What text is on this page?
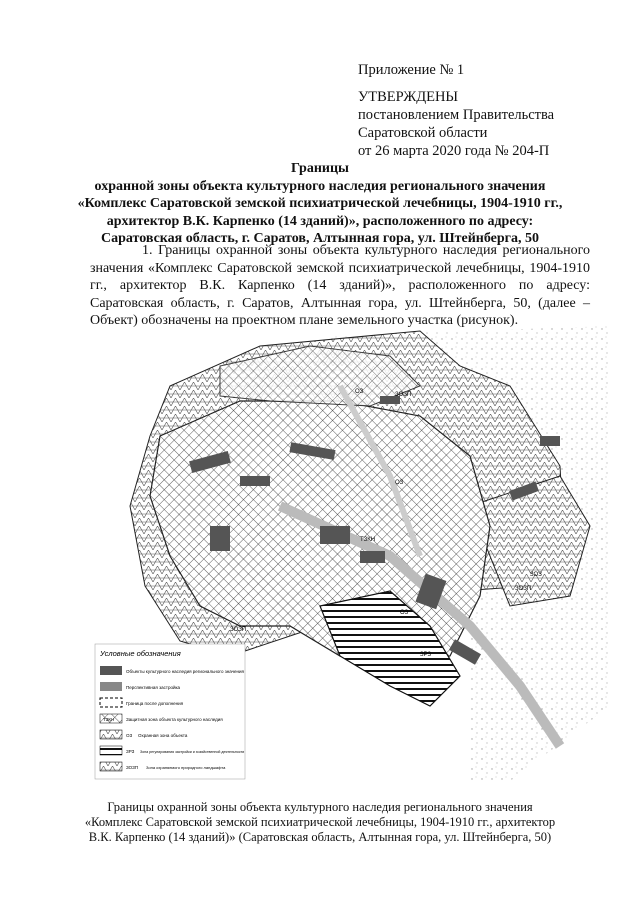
Приложение № 1
УТВЕРЖДЕНЫ
постановлением Правительства
Саратовской области
от 26 марта 2020 года № 204-П
Границы
охранной зоны объекта культурного наследия регионального значения
«Комплекс Саратовской земской психиатрической лечебницы, 1904-1910 гг.,
архитектор В.К. Карпенко (14 зданий)», расположенного по адресу:
Саратовская область, г. Саратов, Алтынная гора, ул. Штейнберга, 50

1. Границы охранной зоны объекта культурного наследия регионального значения «Комплекс Саратовской земской психиатрической лечебницы, 1904-1910 гг., архитектор В.К. Карпенко (14 зданий)», расположенного по адресу: Саратовская область, г. Саратов, Алтынная гора, ул. Штейнберга, 50, (далее – Объект) обозначены на проектном плане земельного участка (рисунок).

ОЗ
ОЗ
ОЗ
ТЗКН
ЗРЗ
ЗОЗ
ЗОЗП
ЗОЗП
ЗОЗП
Условные обозначения
Объекты культурного наследия регионального значения
Перспективная застройка
Граница после дополнения
ТЗКН	Защитная зона объекта культурного наследия
ОЗ Охранная зона объекта
ЗРЗ Зона регулирования застройки и хозяйственной деятельности
ЗОЗП Зона охраняемого природного ландшафта
Границы охранной зоны объекта культурного наследия регионального значения
«Комплекс Саратовской земской психиатрической лечебницы, 1904-1910 гг., архитектор
В.К. Карпенко (14 зданий)» (Саратовская область, Алтынная гора, ул. Штейнберга, 50)
